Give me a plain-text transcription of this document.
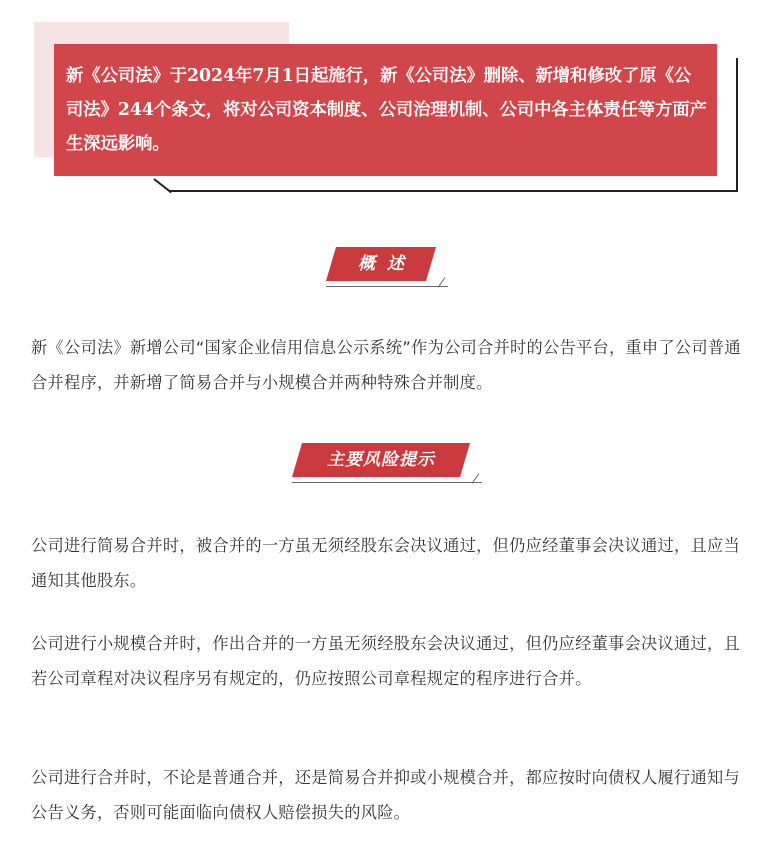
新《公司法》于2024年7月1日起施行，新《公司法》删除、新增和修改了原《公司法》244个条文，将对公司资本制度、公司治理机制、公司中各主体责任等方面产生深远影响。
概述
新《公司法》新增公司“国家企业信用信息公示系统”作为公司合并时的公告平台，重申了公司普通合并程序，并新增了简易合并与小规模合并两种特殊合并制度。
主要风险提示
公司进行简易合并时，被合并的一方虽无须经股东会决议通过，但仍应经董事会决议通过，且应当通知其他股东。
公司进行小规模合并时，作出合并的一方虽无须经股东会决议通过，但仍应经董事会决议通过，且若公司章程对决议程序另有规定的，仍应按照公司章程规定的程序进行合并。
公司进行合并时，不论是普通合并，还是简易合并抑或小规模合并，都应按时向债权人履行通知与公告义务，否则可能面临向债权人赔偿损失的风险。
